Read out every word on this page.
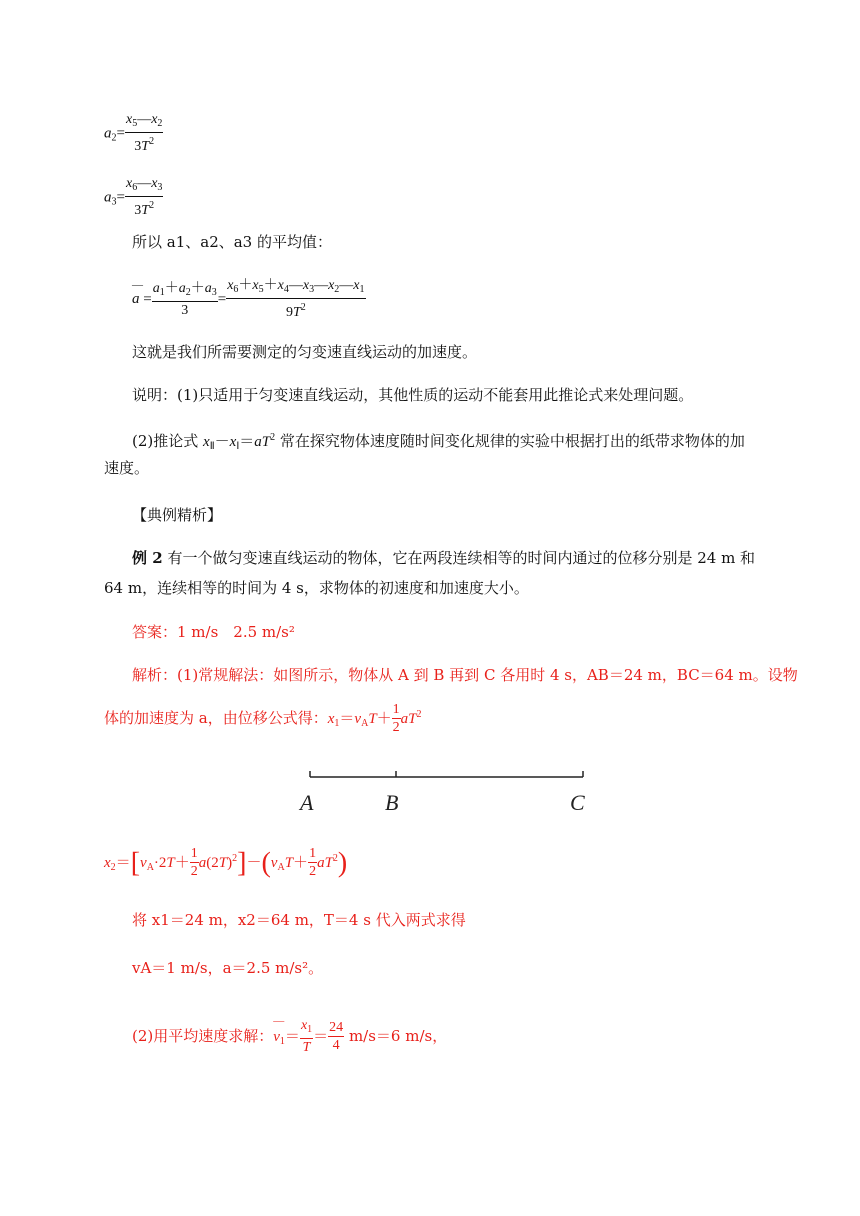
$a_2= \frac{x_5—x_2}{3T^2}$
$a_3= \frac{x_6—x_3}{3T^2}$
所以 a1、a2、a3 的平均值：
—
$a = \frac{a_1+a_2+a_3}{3} = \frac{x_6+x_5+x_4—x_3—x_2—x_1}{9T^2}$
这就是我们所需要测定的匀变速直线运动的加速度。
说明：(1)只适用于匀变速直线运动，其他性质的运动不能套用此推论式来处理问题。
(2)推论式 $x_Ⅱ-x_Ⅰ=aT^2$ 常在探究物体速度随时间变化规律的实验中根据打出的纸带求物体的加
速度。
【典例精析】
例 2 有一个做匀变速直线运动的物体，它在两段连续相等的时间内通过的位移分别是 24 m 和
64 m，连续相等的时间为 4 s，求物体的初速度和加速度大小。
答案：1 m/s　2.5 m/s²
解析：(1)常规解法：如图所示，物体从 A 到 B 再到 C 各用时 4 s，AB＝24 m，BC＝64 m。设物
体的加速度为 a，由位移公式得：$x_1=v_AT+ \frac{1}{2} aT^2$
A	B	C
$x_2=[v_A\cdot 2T+ \frac{1}{2} a(2T)^2]-(v_AT+ \frac{1}{2} aT^2)$
将 x1＝24 m，x2＝64 m，T＝4 s 代入两式求得
vA＝1 m/s，a＝2.5 m/s²。
(2)用平均速度求解：
—
$v_1= \frac{x_1}{T} = \frac{24}{4} m/s=6$ m/s，
